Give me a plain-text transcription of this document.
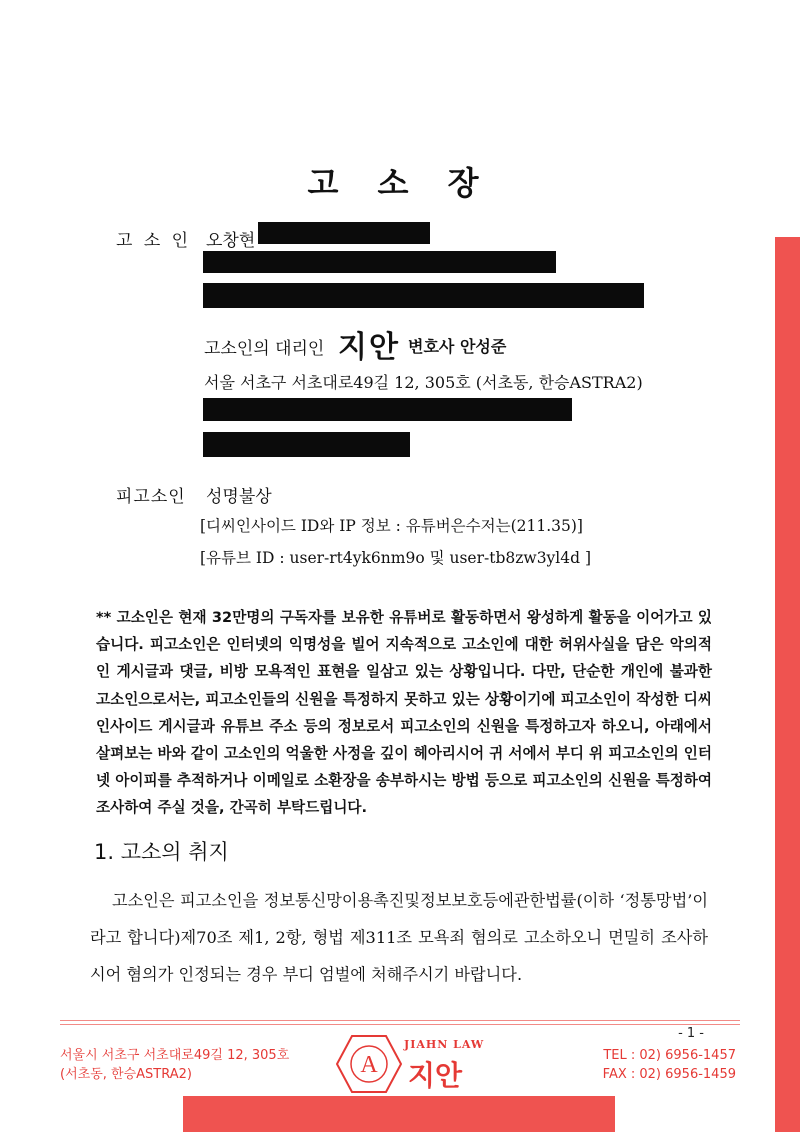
고 소 장
고 소 인 오창현
고소인의 대리인 지안 변호사 안성준
서울 서초구 서초대로49길 12, 305호 (서초동, 한승ASTRA2)
피고소인 성명불상
[디씨인사이드 ID와 IP 정보 : 유튜버은수저는(211.35)]
[유튜브 ID : user-rt4yk6nm9o 및 user-tb8zw3yl4d ]
** 고소인은 현재 32만명의 구독자를 보유한 유튜버로 활동하면서 왕성하게 활동을 이어가고 있습니다. 피고소인은 인터넷의 익명성을 빌어 지속적으로 고소인에 대한 허위사실을 담은 악의적인 게시글과 댓글, 비방 모욕적인 표현을 일삼고 있는 상황입니다. 다만, 단순한 개인에 불과한 고소인으로서는, 피고소인들의 신원을 특정하지 못하고 있는 상황이기에 피고소인이 작성한 디씨인사이드 게시글과 유튜브 주소 등의 정보로서 피고소인의 신원을 특정하고자 하오니, 아래에서 살펴보는 바와 같이 고소인의 억울한 사정을 깊이 헤아리시어 귀 서에서 부디 위 피고소인의 인터넷 아이피를 추적하거나 이메일로 소환장을 송부하시는 방법 등으로 피고소인의 신원을 특정하여 조사하여 주실 것을, 간곡히 부탁드립니다.
1. 고소의 취지
고소인은 피고소인을 정보통신망이용촉진및정보보호등에관한법률(이하 ‘정통망법’이라고 합니다)제70조 제1, 2항, 형법 제311조 모욕죄 혐의로 고소하오니 면밀히 조사하시어 혐의가 인정되는 경우 부디 엄벌에 처해주시기 바랍니다.
- 1 -
서울시 서초구 서초대로49길 12, 305호
(서초동, 한승ASTRA2)	A
JIAHN LAW
지안
TEL : 02) 6956-1457
FAX : 02) 6956-1459
